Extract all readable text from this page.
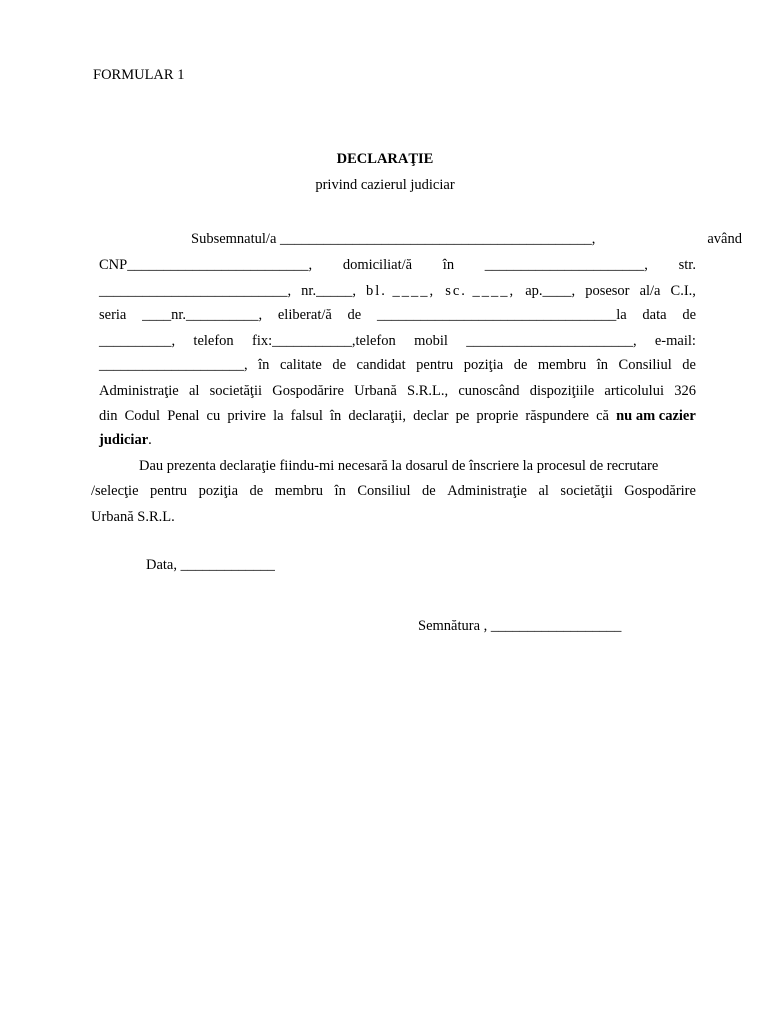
FORMULAR 1
DECLARAŢIE
privind cazierul judiciar
Subsemnatul/a ___________________________________________,	având
CNP_________________________, domiciliat/ă în ______________________, str.
__________________________, nr._____, bl. ____, sc. ____, ap.____, posesor al/a C.I.,
seria ____nr.__________, eliberat/ă de _________________________________la data de
__________, telefon fix:___________,telefon mobil _______________________, e-mail:
____________________, în calitate de candidat pentru poziţia de membru în Consiliul de
Administraţie al societăţii Gospodărire Urbană S.R.L., cunoscând dispoziţiile articolului 326
din Codul Penal cu privire la falsul în declaraţii, declar pe proprie răspundere că nu am cazier
judiciar.
Dau prezenta declaraţie fiindu-mi necesară la dosarul de înscriere la procesul de recrutare
/selecţie pentru poziţia de membru în Consiliul de Administraţie al societăţii Gospodărire
Urbană S.R.L.
Data, _____________
Semnătura , __________________
